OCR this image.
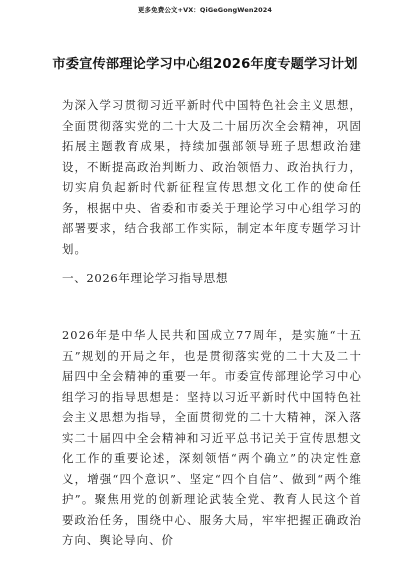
更多免费公文+VX：QiGeGongWen2024
市委宣传部理论学习中心组2026年度专题学习计划

为深入学习贯彻习近平新时代中国特色社会主义思想，全面贯彻落实党的二十大及二十届历次全会精神，巩固拓展主题教育成果，持续加强部领导班子思想政治建设，不断提高政治判断力、政治领悟力、政治执行力，切实肩负起新时代新征程宣传思想文化工作的使命任务，根据中央、省委和市委关于理论学习中心组学习的部署要求，结合我部工作实际，制定本年度专题学习计划。

一、2026年理论学习指导思想

2026年是中华人民共和国成立77周年，是实施“十五五”规划的开局之年，也是贯彻落实党的二十大及二十届四中全会精神的重要一年。市委宣传部理论学习中心组学习的指导思想是：坚持以习近平新时代中国特色社会主义思想为指导，全面贯彻党的二十大精神，深入落实二十届四中全会精神和习近平总书记关于宣传思想文化工作的重要论述，深刻领悟“两个确立”的决定性意义，增强“四个意识”、坚定“四个自信”、做到“两个维护”。聚焦用党的创新理论武装全党、教育人民这个首要政治任务，围绕中心、服务大局，牢牢把握正确政治方向、舆论导向、价
